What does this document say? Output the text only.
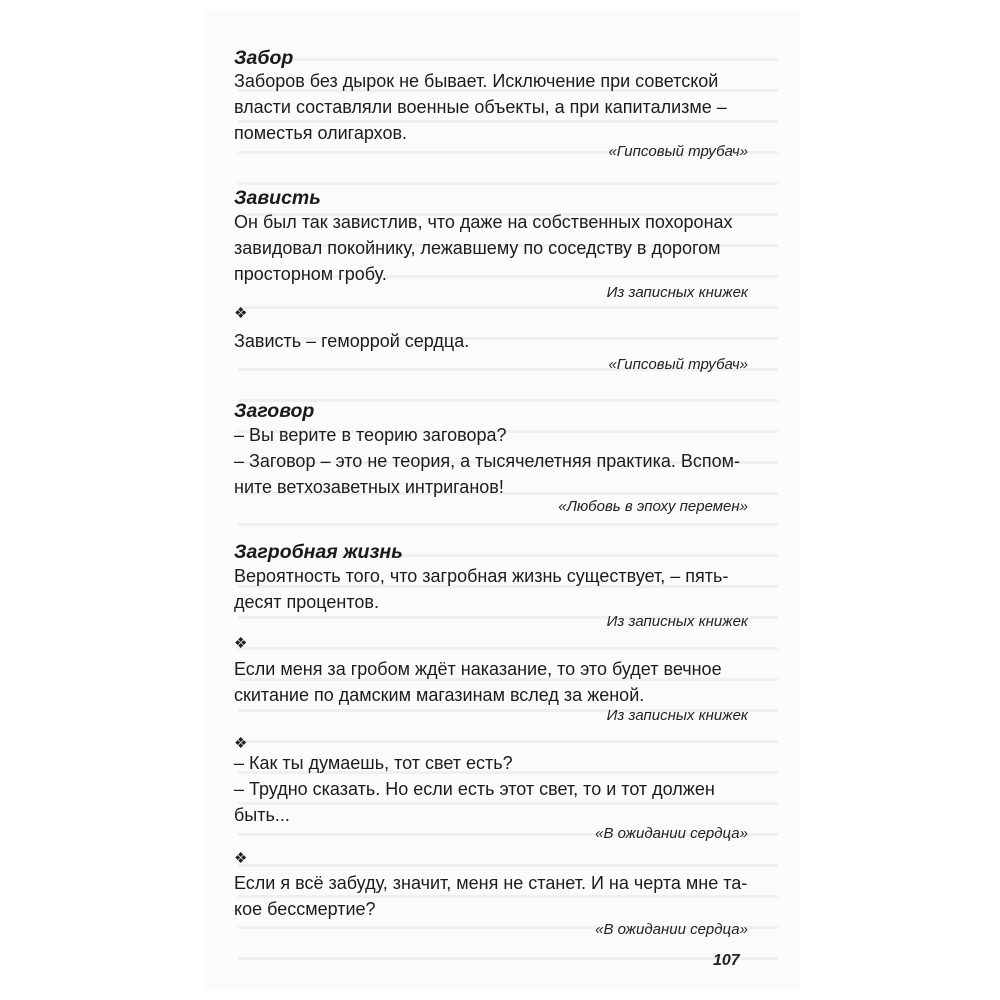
Забор
Заборов без дырок не бывает. Исключение при советской
власти составляли военные объекты, а при капитализме –
поместья олигархов.
«Гипсовый трубач»
Зависть
Он был так завистлив, что даже на собственных похоронах
завидовал покойнику, лежавшему по соседству в дорогом
просторном гробу.
Из записных книжек
❖
Зависть – геморрой сердца.
«Гипсовый трубач»
Заговор
– Вы верите в теорию заговора?
– Заговор – это не теория, а тысячелетняя практика. Вспом-
ните ветхозаветных интриганов!
«Любовь в эпоху перемен»
Загробная жизнь
Вероятность того, что загробная жизнь существует, – пять-
десят процентов.
Из записных книжек
❖
Если меня за гробом ждёт наказание, то это будет вечное
скитание по дамским магазинам вслед за женой.
Из записных книжек
❖
– Как ты думаешь, тот свет есть?
– Трудно сказать. Но если есть этот свет, то и тот должен
быть...
«В ожидании сердца»
❖
Если я всё забуду, значит, меня не станет. И на черта мне та-
кое бессмертие?
«В ожидании сердца»
107
